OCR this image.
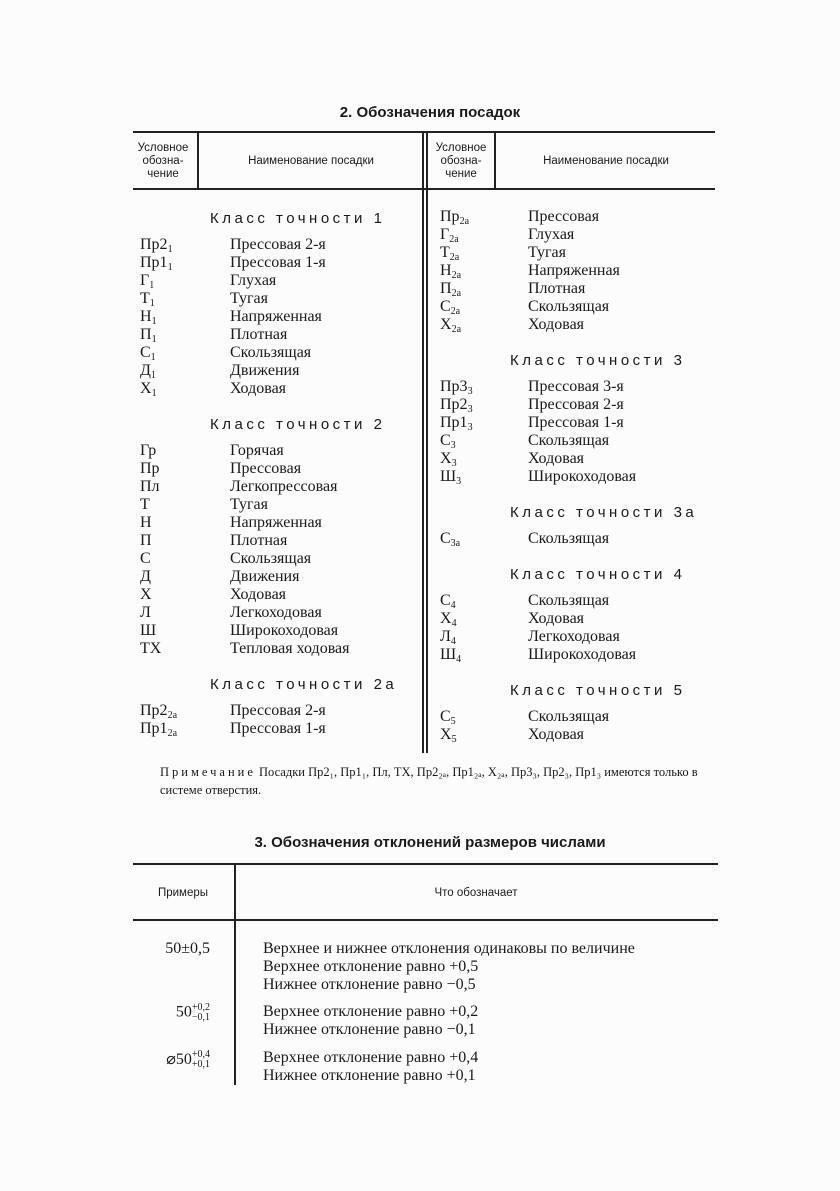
2. Обозначения посадок
Условное обозна-чение
Наименование посадки
Условное обозна-чение
Наименование посадки
Класс точности 1
$Пр2_1$	Прессовая 2-я
$Пр1_1$	Прессовая 1-я
$Г_1$	Глухая
$Т_1$	Тугая
$Н_1$	Напряженная
$П_1$	Плотная
$С_1$	Скользящая
$Д_1$	Движения
$Х_1$	Ходовая
Класс точности 2
Гр	Горячая
Пр	Прессовая
Пл	Легкопрессовая
Т	Тугая
Н	Напряженная
П	Плотная
С	Скользящая
Д	Движения
Х	Ходовая
Л	Легкоходовая
Ш	Широкоходовая
ТХ	Тепловая ходовая
Класс точности 2а
$Пр2_{2а}$	Прессовая 2-я
$Пр1_{2а}$	Прессовая 1-я
$Пр_{2а}$	Прессовая
$Г_{2а}$	Глухая
$Т_{2а}$	Тугая
$Н_{2а}$	Напряженная
$П_{2а}$	Плотная
$С_{2а}$	Скользящая
$Х_{2а}$	Ходовая
Класс точности 3
$Пр3_3$	Прессовая 3-я
$Пр2_3$	Прессовая 2-я
$Пр1_3$	Прессовая 1-я
$С_3$	Скользящая
$Х_3$	Ходовая
$Ш_3$	Широкоходовая
Класс точности 3а
$С_{3а}$	Скользящая
Класс точности 4
$С_4$	Скользящая
$Х_4$	Ходовая
$Л_4$	Легкоходовая
$Ш_4$	Широкоходовая
Класс точности 5
$С_5$	Скользящая
$Х_5$	Ходовая
Примечание Посадки Пр2₁, Пр1₁, Пл, ТХ, Пр2₂ₐ, Пр1₂ₐ, Х₂ₐ, Пр3₃, Пр2₃, Пр1₃ имеются только в системе отверстия.
3. Обозначения отклонений размеров числами
Примеры	Что обозначает
50±0,5	Верхнее и нижнее отклонения одинаковы по величине
Верхнее отклонение равно +0,5
Нижнее отклонение равно −0,5
50 +0,2
−0,1	Верхнее отклонение равно +0,2
Нижнее отклонение равно −0,1
⌀50 +0,4
+0,1	Верхнее отклонение равно +0,4
Нижнее отклонение равно +0,1
